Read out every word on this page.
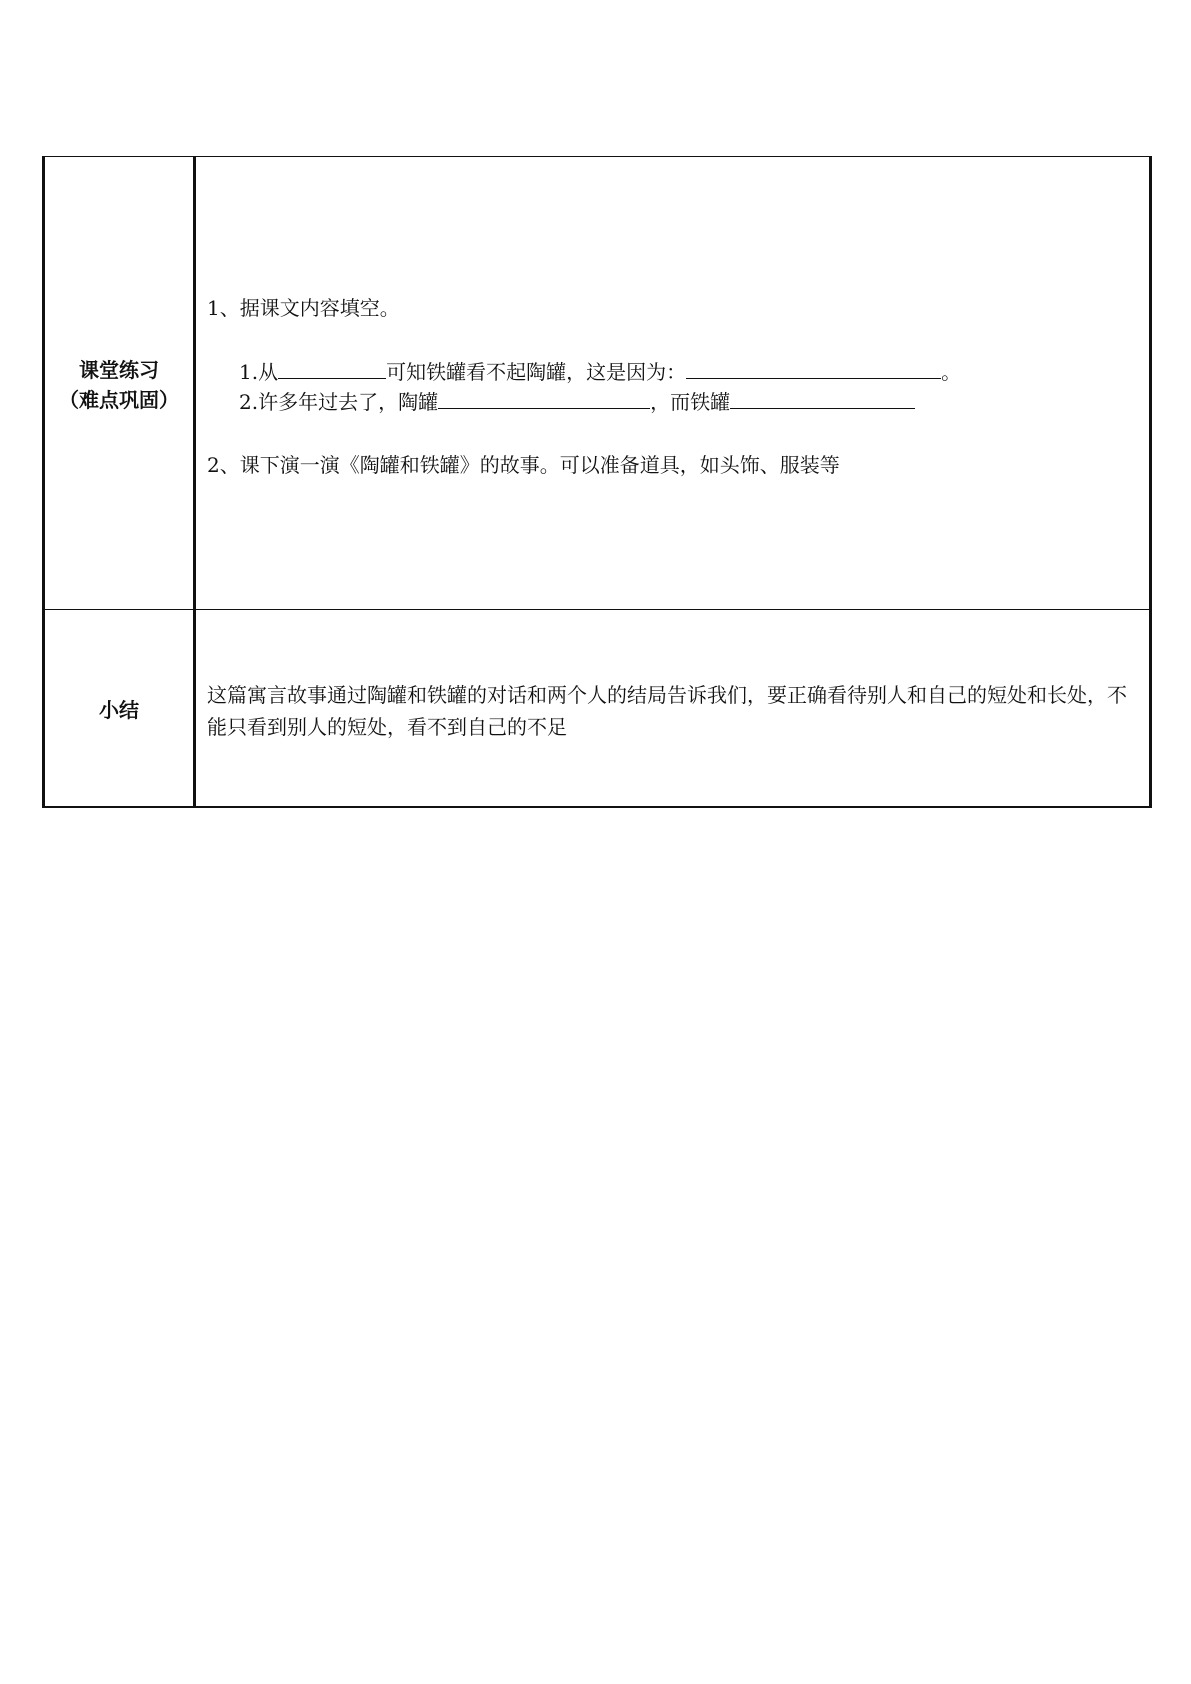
课堂练习
（难点巩固）
1、据课文内容填空。
1.从	可知铁罐看不起陶罐，这是因为：	。
2.许多年过去了，陶罐	，而铁罐
2、课下演一演《陶罐和铁罐》的故事。可以准备道具，如头饰、服装等
小结
这篇寓言故事通过陶罐和铁罐的对话和两个人的结局告诉我们，要正确看待别人和自己的短处和长处，不能只看到别人的短处，看不到自己的不足
